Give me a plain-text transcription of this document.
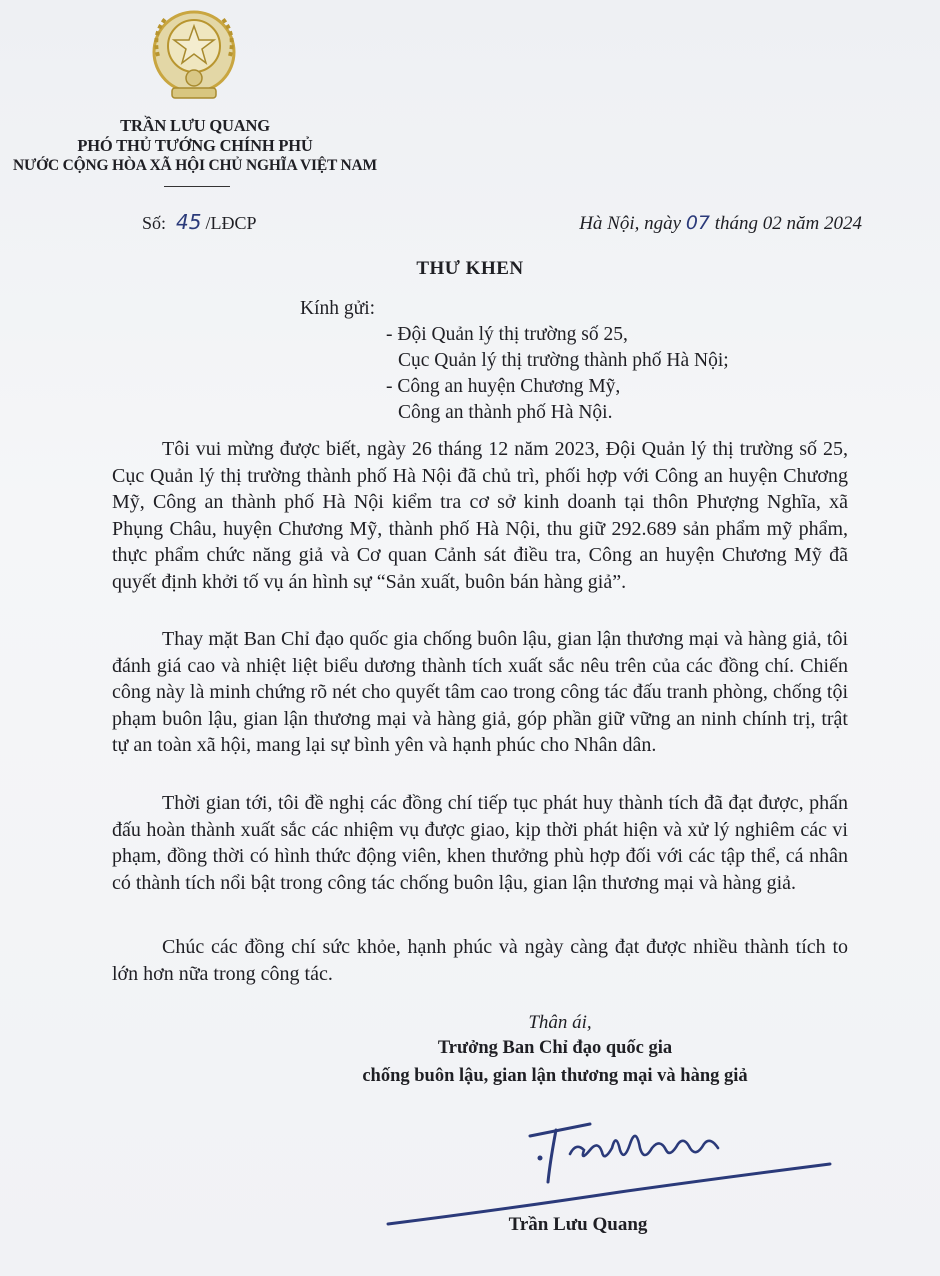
TRẦN LƯU QUANG
PHÓ THỦ TƯỚNG CHÍNH PHỦ
NƯỚC CỘNG HÒA XÃ HỘI CHỦ NGHĨA VIỆT NAM
Số: 45 /LĐCP	Hà Nội, ngày 07 tháng 02 năm 2024
THƯ KHEN
Kính gửi:
- Đội Quản lý thị trường số 25,
Cục Quản lý thị trường thành phố Hà Nội;
- Công an huyện Chương Mỹ,
Công an thành phố Hà Nội.

Tôi vui mừng được biết, ngày 26 tháng 12 năm 2023, Đội Quản lý thị trường số 25, Cục Quản lý thị trường thành phố Hà Nội đã chủ trì, phối hợp với Công an huyện Chương Mỹ, Công an thành phố Hà Nội kiểm tra cơ sở kinh doanh tại thôn Phượng Nghĩa, xã Phụng Châu, huyện Chương Mỹ, thành phố Hà Nội, thu giữ 292.689 sản phẩm mỹ phẩm, thực phẩm chức năng giả và Cơ quan Cảnh sát điều tra, Công an huyện Chương Mỹ đã quyết định khởi tố vụ án hình sự “Sản xuất, buôn bán hàng giả”.

Thay mặt Ban Chỉ đạo quốc gia chống buôn lậu, gian lận thương mại và hàng giả, tôi đánh giá cao và nhiệt liệt biểu dương thành tích xuất sắc nêu trên của các đồng chí. Chiến công này là minh chứng rõ nét cho quyết tâm cao trong công tác đấu tranh phòng, chống tội phạm buôn lậu, gian lận thương mại và hàng giả, góp phần giữ vững an ninh chính trị, trật tự an toàn xã hội, mang lại sự bình yên và hạnh phúc cho Nhân dân.

Thời gian tới, tôi đề nghị các đồng chí tiếp tục phát huy thành tích đã đạt được, phấn đấu hoàn thành xuất sắc các nhiệm vụ được giao, kịp thời phát hiện và xử lý nghiêm các vi phạm, đồng thời có hình thức động viên, khen thưởng phù hợp đối với các tập thể, cá nhân có thành tích nổi bật trong công tác chống buôn lậu, gian lận thương mại và hàng giả.

Chúc các đồng chí sức khỏe, hạnh phúc và ngày càng đạt được nhiều thành tích to lớn hơn nữa trong công tác.

Thân ái,
Trưởng Ban Chỉ đạo quốc gia
chống buôn lậu, gian lận thương mại và hàng giả
Trần Lưu Quang
